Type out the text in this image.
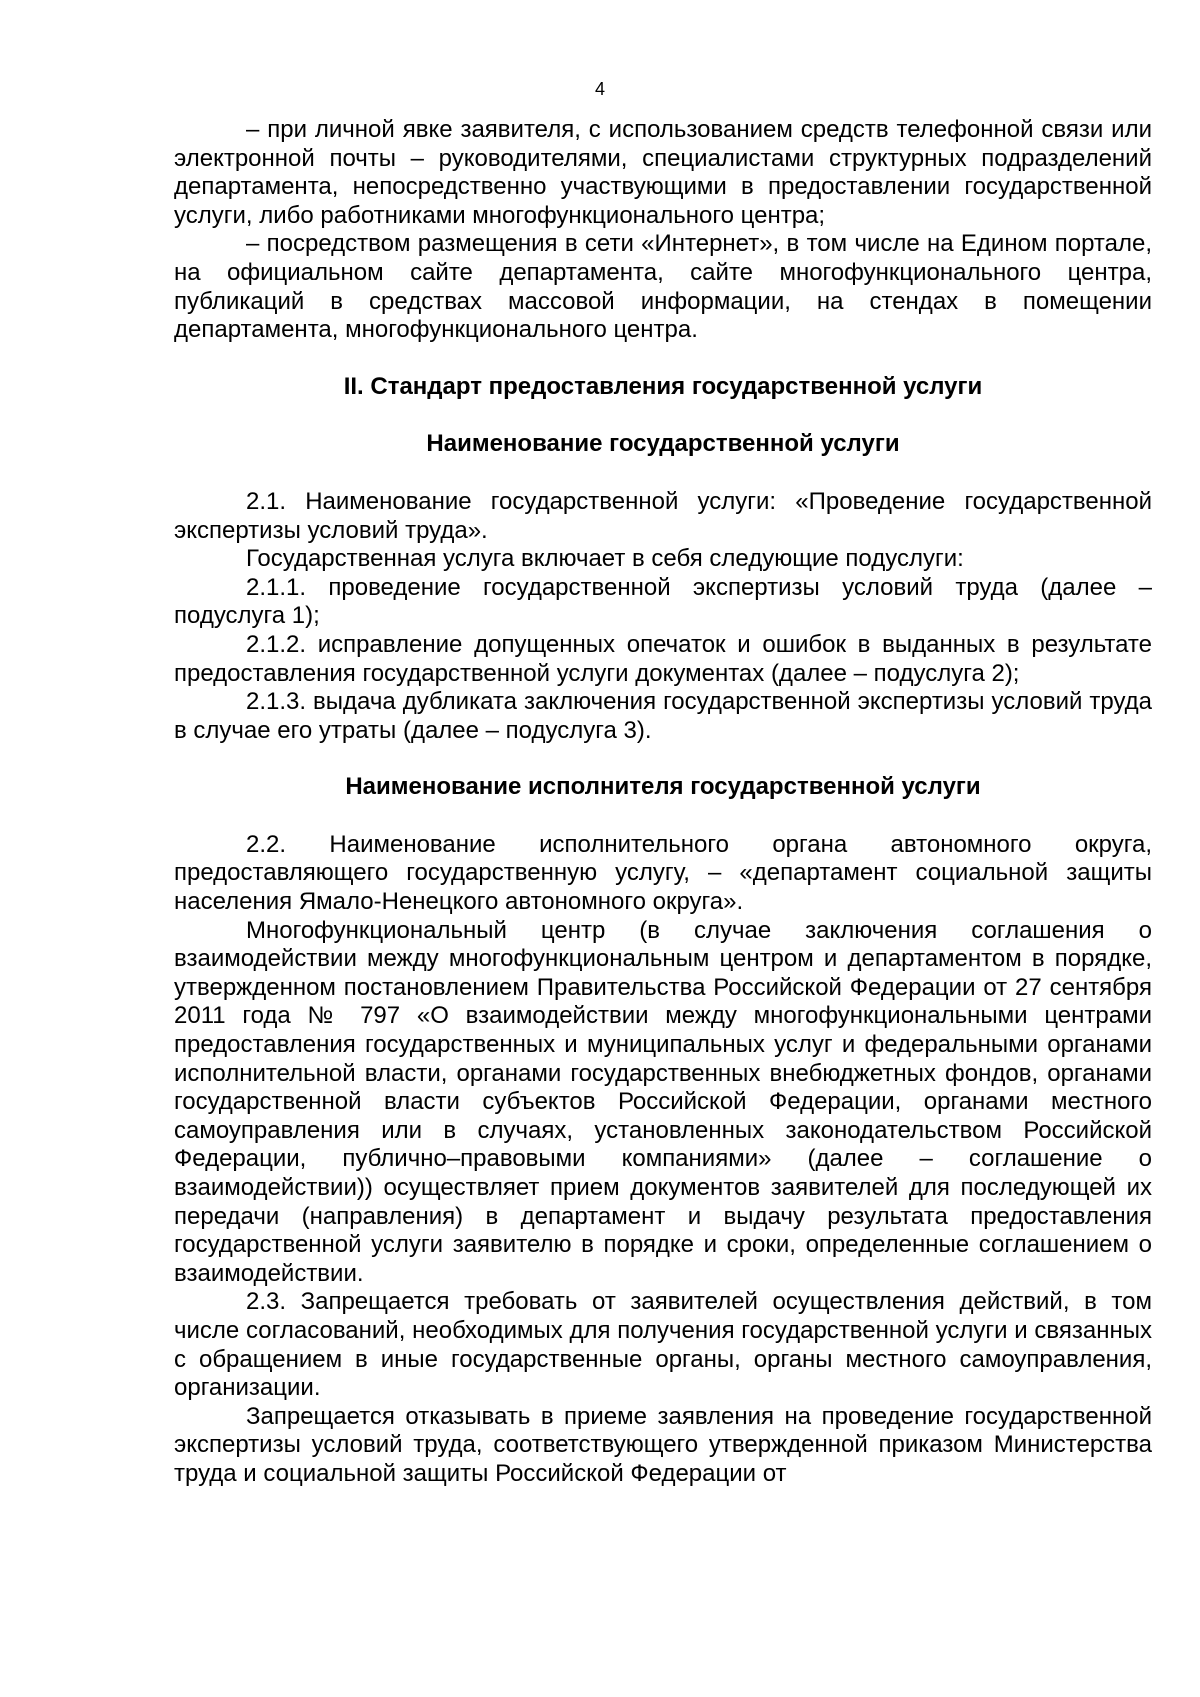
4

– при личной явке заявителя, с использованием средств телефонной связи или электронной почты – руководителями, специалистами структурных подразделений департамента, непосредственно участвующими в предоставлении государственной услуги, либо работниками многофункционального центра;

– посредством размещения в сети «Интернет», в том числе на Едином портале, на официальном сайте департамента, сайте многофункционального центра, публикаций в средствах массовой информации, на стендах в помещении департамента, многофункционального центра.

II. Стандарт предоставления государственной услуги
Наименование государственной услуги

2.1. Наименование государственной услуги: «Проведение государственной экспертизы условий труда».

Государственная услуга включает в себя следующие подуслуги:

2.1.1. проведение государственной экспертизы условий труда (далее – подуслуга 1);

2.1.2. исправление допущенных опечаток и ошибок в выданных в результате предоставления государственной услуги документах (далее – подуслуга 2);

2.1.3. выдача дубликата заключения государственной экспертизы условий труда в случае его утраты (далее – подуслуга 3).

Наименование исполнителя государственной услуги

2.2. Наименование исполнительного органа автономного округа, предоставляющего государственную услугу, – «департамент социальной защиты населения Ямало-Ненецкого автономного округа».

Многофункциональный центр (в случае заключения соглашения о взаимодействии между многофункциональным центром и департаментом в порядке, утвержденном постановлением Правительства Российской Федерации от 27 сентября 2011 года № 797 «О взаимодействии между многофункциональными центрами предоставления государственных и муниципальных услуг и федеральными органами исполнительной власти, органами государственных внебюджетных фондов, органами государственной власти субъектов Российской Федерации, органами местного самоуправления или в случаях, установленных законодательством Российской Федерации, публично–правовыми компаниями» (далее – соглашение о взаимодействии)) осуществляет прием документов заявителей для последующей их передачи (направления) в департамент и выдачу результата предоставления государственной услуги заявителю в порядке и сроки, определенные соглашением о взаимодействии.

2.3. Запрещается требовать от заявителей осуществления действий, в том числе согласований, необходимых для получения государственной услуги и связанных с обращением в иные государственные органы, органы местного самоуправления, организации.

Запрещается отказывать в приеме заявления на проведение государственной экспертизы условий труда, соответствующего утвержденной приказом Министерства труда и социальной защиты Российской Федерации от
